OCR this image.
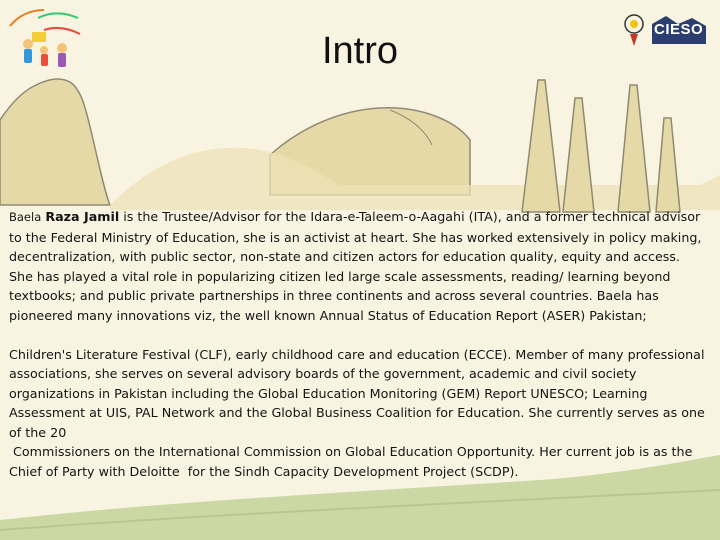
Intro
CIESO

Baela Raza Jamil is the Trustee/Advisor for the Idara-e-Taleem-o-Aagahi (ITA), and a former technical advisor to the Federal Ministry of Education, she is an activist at heart. She has worked extensively in policy making, decentralization, with public sector, non-state and citizen actors for education quality, equity and access.

She has played a vital role in popularizing citizen led large scale assessments, reading/ learning beyond textbooks; and public private partnerships in three continents and across several countries. Baela has pioneered many innovations viz, the well known Annual Status of Education Report (ASER) Pakistan;

Children's Literature Festival (CLF), early childhood care and education (ECCE). Member of many professional associations, she serves on several advisory boards of the government, academic and civil society organizations in Pakistan including the Global Education Monitoring (GEM) Report UNESCO; Learning Assessment at UIS, PAL Network and the Global Business Coalition for Education. She currently serves as one of the 20

Commissioners on the International Commission on Global Education Opportunity. Her current job is as the Chief of Party with Deloitte  for the Sindh Capacity Development Project (SCDP).
